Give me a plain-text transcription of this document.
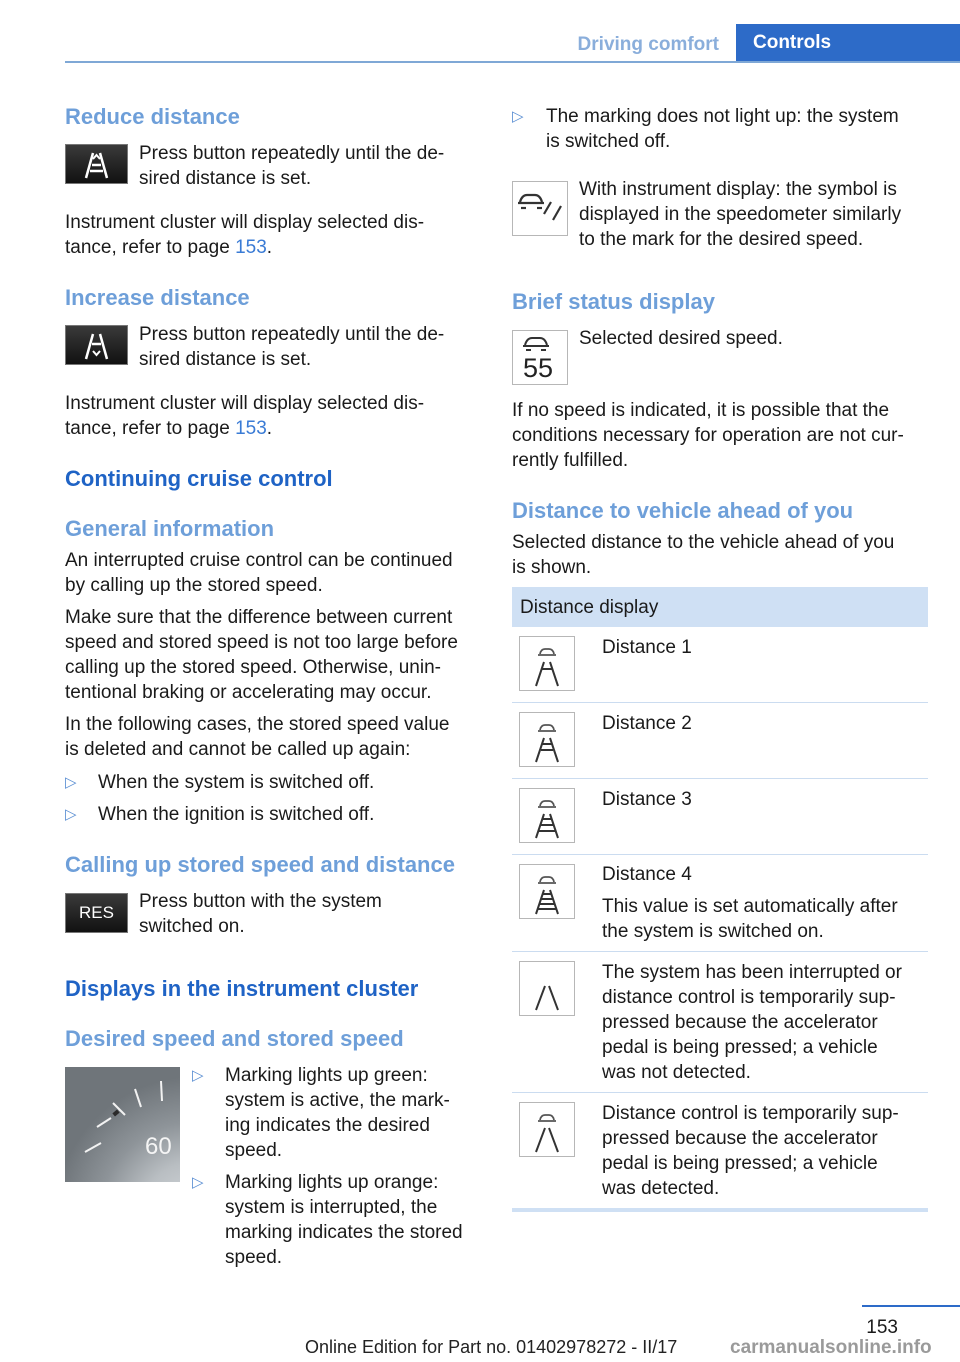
Driving comfort	Controls
Reduce distance

Press button repeatedly until the de‐

sired distance is set.

Instrument cluster will display selected dis‐

tance, refer to page 153.

Increase distance

Press button repeatedly until the de‐

sired distance is set.

Instrument cluster will display selected dis‐

tance, refer to page 153.

Continuing cruise control
General information

An interrupted cruise control can be continued

by calling up the stored speed.

Make sure that the difference between current

speed and stored speed is not too large before

calling up the stored speed. Otherwise, unin‐

tentional braking or accelerating may occur.

In the following cases, the stored speed value

is deleted and cannot be called up again:

▷ When the system is switched off.

▷ When the ignition is switched off.

Calling up stored speed and distance
RES

Press button with the system

switched on.

Displays in the instrument cluster
Desired speed and stored speed
60
▷ Marking lights up green:

system is active, the mark‐

ing indicates the desired

speed.

▷ Marking lights up orange:

system is interrupted, the

marking indicates the stored

speed.

▷ The marking does not light up: the system

is switched off.

With instrument display: the symbol is

displayed in the speedometer similarly

to the mark for the desired speed.

Brief status display
55

Selected desired speed.

If no speed is indicated, it is possible that the

conditions necessary for operation are not cur‐

rently fulfilled.

Distance to vehicle ahead of you

Selected distance to the vehicle ahead of you

is shown.

Distance display

Distance 1

Distance 2

Distance 3

Distance 4

This value is set automatically after

the system is switched on.

The system has been interrupted or

distance control is temporarily sup‐

pressed because the accelerator

pedal is being pressed; a vehicle

was not detected.

Distance control is temporarily sup‐

pressed because the accelerator

pedal is being pressed; a vehicle

was detected.

153
Online Edition for Part no. 01402978272 - II/17	carmanualsonline.info
